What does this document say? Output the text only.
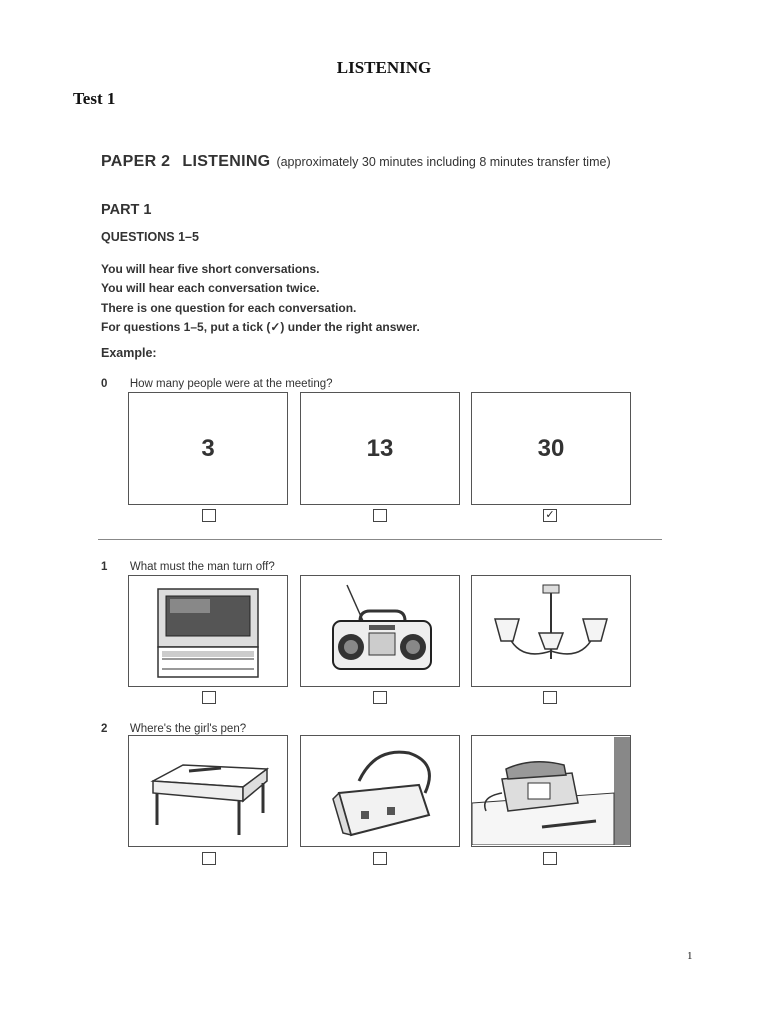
LISTENING
Test 1
PAPER 2 LISTENING (approximately 30 minutes including 8 minutes transfer time)
PART 1
QUESTIONS 1–5
You will hear five short conversations.
You will hear each conversation twice.
There is one question for each conversation.
For questions 1–5, put a tick (✓) under the right answer.
Example:
0 How many people were at the meeting?
3	13	30
✓
1 What must the man turn off?
2 Where's the girl's pen?
1
